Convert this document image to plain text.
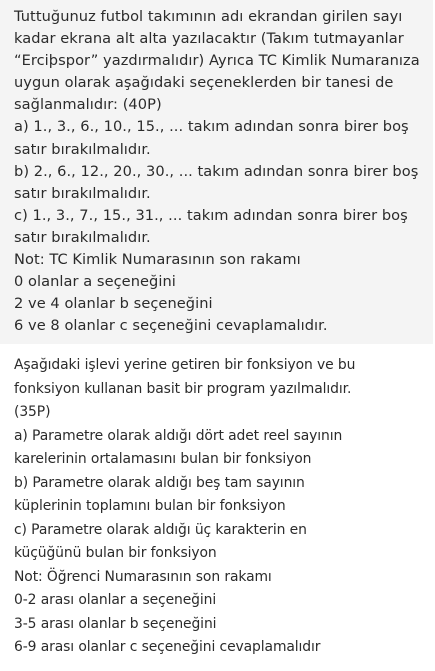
Tuttuğunuz futbol takımının adı ekrandan girilen sayı
kadar ekrana alt alta yazılacaktır (Takım tutmayanlar
“Erciþspor” yazdırmalıdır) Ayrıca TC Kimlik Numaranıza
uygun olarak aşağıdaki seçeneklerden bir tanesi de
sağlanmalıdır: (40P)
a) 1., 3., 6., 10., 15., ... takım adından sonra birer boş
satır bırakılmalıdır.
b) 2., 6., 12., 20., 30., ... takım adından sonra birer boş
satır bırakılmalıdır.
c) 1., 3., 7., 15., 31., ... takım adından sonra birer boş
satır bırakılmalıdır.
Not: TC Kimlik Numarasının son rakamı
0 olanlar a seçeneğini
2 ve 4 olanlar b seçeneğini
6 ve 8 olanlar c seçeneğini cevaplamalıdır.
Aşağıdaki işlevi yerine getiren bir fonksiyon ve bu
fonksiyon kullanan basit bir program yazılmalıdır.
(35P)
a) Parametre olarak aldığı dört adet reel sayının
karelerinin ortalamasını bulan bir fonksiyon
b) Parametre olarak aldığı beş tam sayının
küplerinin toplamını bulan bir fonksiyon
c) Parametre olarak aldığı üç karakterin en
küçüğünü bulan bir fonksiyon
Not: Öğrenci Numarasının son rakamı
0-2 arası olanlar a seçeneğini
3-5 arası olanlar b seçeneğini
6-9 arası olanlar c seçeneğini cevaplamalıdır
